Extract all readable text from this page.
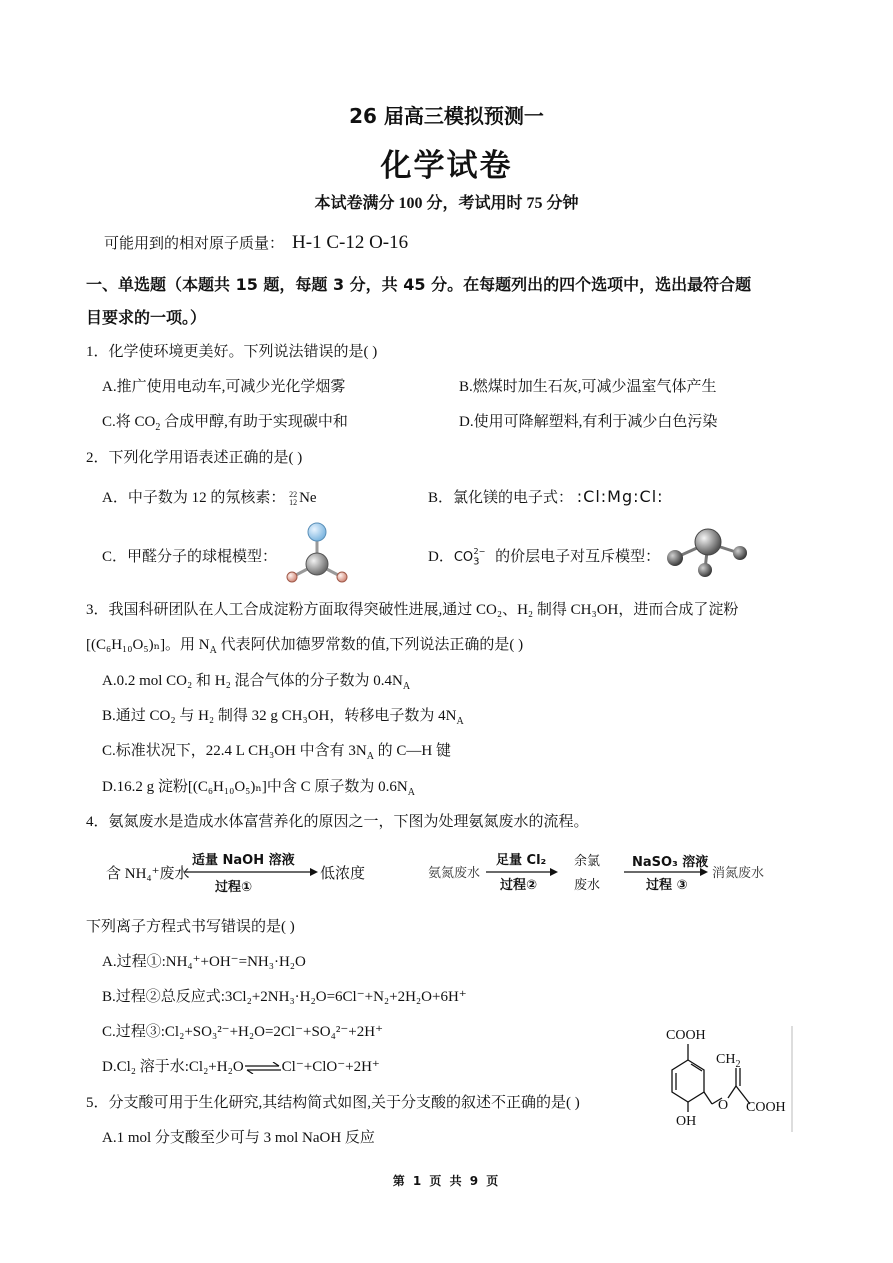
26 届高三模拟预测一
化学试卷
本试卷满分 100 分，考试用时 75 分钟
可能用到的相对原子质量： H-1 C-12 O-16
一、单选题（本题共 15 题，每题 3 分，共 45 分。在每题列出的四个选项中，选出最符合题
目要求的一项。）
1．化学使环境更美好。下列说法错误的是( )
A.推广使用电动车,可减少光化学烟雾	B.燃煤时加生石灰,可减少温室气体产生
C.将 $CO_2$ 合成甲醇,有助于实现碳中和	D.使用可降解塑料,有利于减少白色污染
2．下列化学用语表述正确的是( )
A．中子数为 12 的氖核素： 22
12 Ne	B．氯化镁的电子式： :Cl:Mg:Cl:
C．甲醛分子的球棍模型：	D．$CO_3^{2-}$ 的价层电子对互斥模型：
3．我国科研团队在人工合成淀粉方面取得突破性进展,通过 CO₂、H₂ 制得 CH₃OH，进而合成了淀粉
[(C₆H₁₀O₅)ₙ]。用 $N_A$ 代表阿伏加德罗常数的值,下列说法正确的是( )
A.0.2 mol CO₂ 和 H₂ 混合气体的分子数为 $0.4N_A$
B.通过 CO₂ 与 H₂ 制得 32 g CH₃OH，转移电子数为 $4N_A$
C.标准状况下，22.4 L CH₃OH 中含有 $3N_A$ 的 C—H 键
D.16.2 g 淀粉[(C₆H₁₀O₅)ₙ]中含 C 原子数为 $0.6N_A$
4．氨氮废水是造成水体富营养化的原因之一，下图为处理氨氮废水的流程。
含 NH₄⁺废水
适量 NaOH 溶液
过程①
低浓度	氨氮废水
足量 Cl₂
过程②
余氯
废水
NaSO₃ 溶液
过程 ③
消氮废水
下列离子方程式书写错误的是( )
A.过程①:NH₄⁺+OH⁻=NH₃·H₂O
B.过程②总反应式:3Cl₂+2NH₃·H₂O=6Cl⁻+N₂+2H₂O+6H⁺
C.过程③:Cl₂+SO₃²⁻+H₂O=2Cl⁻+SO₄²⁻+2H⁺
D.Cl₂ 溶于水:Cl₂+H₂O⇌Cl⁻+ClO⁻+2H⁺
COOH
$CH_2$
O COOH
OH
5．分支酸可用于生化研究,其结构简式如图,关于分支酸的叙述不正确的是( )
A.1 mol 分支酸至少可与 3 mol NaOH 反应
第 1 页 共 9 页
